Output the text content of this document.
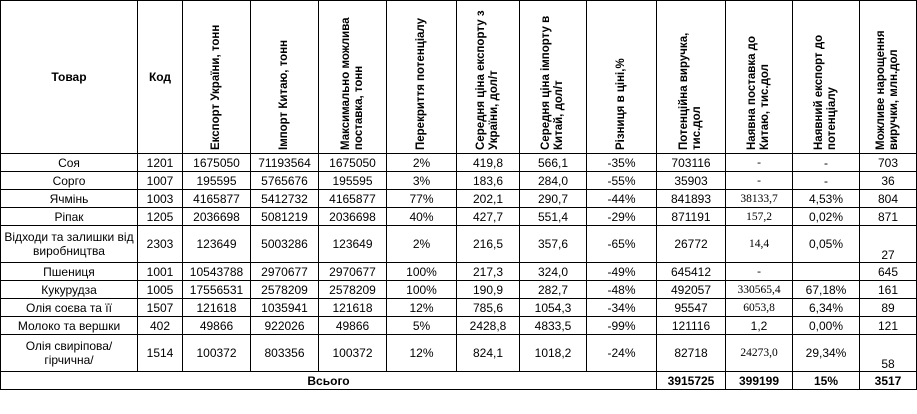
Товар	Код	Експорт України, тонн	Імпорт Китаю, тонн	Максимально можлива поставка, тонн	Перекриття потенціалу	Середня ціна експорту з України, дол/т	Середня ціна імпорту в Китай, дол/т	Різниця в ціні,%	Потенційна виручка, тис.дол	Наявна поставка до Китаю, тис.дол	Наявний експорт до потенціалу	Можливе нарощення виручки, млн.дол

Соя	1201	1675050	71193564	1675050	2%	419,8	566,1	-35%	703116	-	-	703
Сорго	1007	195595	5765676	195595	3%	183,6	284,0	-55%	35903	-	-	36
Ячмінь	1003	4165877	5412732	4165877	77%	202,1	290,7	-44%	841893	38133,7	4,53%	804
Ріпак	1205	2036698	5081219	2036698	40%	427,7	551,4	-29%	871191	157,2	0,02%	871
Відходи та залишки від виробництва	2303	123649	5003286	123649	2%	216,5	357,6	-65%	26772	14,4	0,05%	27
Пшениця	1001	10543788	2970677	2970677	100%	217,3	324,0	-49%	645412	-		645
Кукурудза	1005	17556531	2578209	2578209	100%	190,9	282,7	-48%	492057	330565,4	67,18%	161
Олія соєва та її	1507	121618	1035941	121618	12%	785,6	1054,3	-34%	95547	6053,8	6,34%	89
Молоко та вершки	402	49866	922026	49866	5%	2428,8	4833,5	-99%	121116	1,2	0,00%	121
Олія свиріпова/гірчична/	1514	100372	803356	100372	12%	824,1	1018,2	-24%	82718	24273,0	29,34%	58
Всього									3915725	399199	15%	3517
